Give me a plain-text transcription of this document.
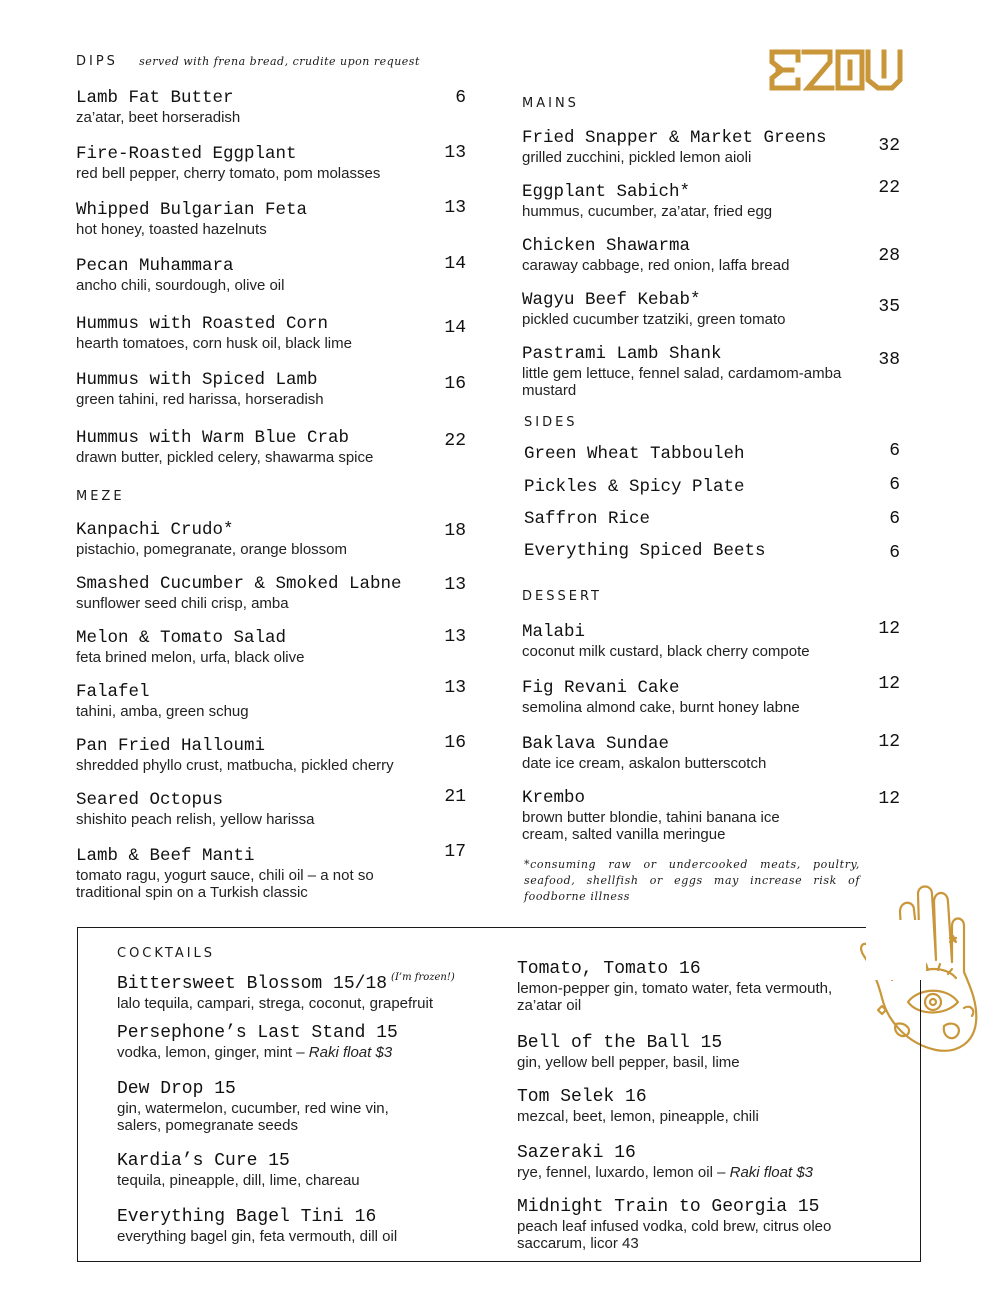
DIPS served with frena bread, crudite upon request
Lamb Fat Butter
za’atar, beet horseradish
6
Fire-Roasted Eggplant
red bell pepper, cherry tomato, pom molasses
13
Whipped Bulgarian Feta
hot honey, toasted hazelnuts
13
Pecan Muhammara
ancho chili, sourdough, olive oil
14
Hummus with Roasted Corn
hearth tomatoes, corn husk oil, black lime
14
Hummus with Spiced Lamb
green tahini, red harissa, horseradish
16
Hummus with Warm Blue Crab
drawn butter, pickled celery, shawarma spice
22
MEZE
Kanpachi Crudo*
pistachio, pomegranate, orange blossom
18
Smashed Cucumber & Smoked Labne
sunflower seed chili crisp, amba
13
Melon & Tomato Salad
feta brined melon, urfa, black olive
13
Falafel
tahini, amba, green schug
13
Pan Fried Halloumi
shredded phyllo crust, matbucha, pickled cherry
16
Seared Octopus
shishito peach relish, yellow harissa
21
Lamb & Beef Manti
tomato ragu, yogurt sauce, chili oil – a not so traditional spin on a Turkish classic
17
MAINS
Fried Snapper & Market Greens
grilled zucchini, pickled lemon aioli
32
Eggplant Sabich*
hummus, cucumber, za’atar, fried egg
22
Chicken Shawarma
caraway cabbage, red onion, laffa bread	28
Wagyu Beef Kebab*
pickled cucumber tzatziki, green tomato
35
Pastrami Lamb Shank
little gem lettuce, fennel salad, cardamom-amba mustard
38
SIDES
Green Wheat Tabbouleh	6
Pickles & Spicy Plate	6
Saffron Rice	6
Everything Spiced Beets	6
DESSERT
Malabi
coconut milk custard, black cherry compote
12
Fig Revani Cake
semolina almond cake, burnt honey labne
12
Baklava Sundae
date ice cream, askalon butterscotch
12
Krembo
brown butter blondie, tahini banana ice cream, salted vanilla meringue
12
*consuming raw or undercooked meats, poultry, seafood, shellfish or eggs may increase risk of foodborne illness
COCKTAILS
Bittersweet Blossom 15/18 $^{(I’m frozen!)}$
lalo tequila, campari, strega, coconut, grapefruit
Persephone’s Last Stand 15
vodka, lemon, ginger, mint – Raki float $3
Dew Drop 15
gin, watermelon, cucumber, red wine vin, salers, pomegranate seeds
Kardia’s Cure 15
tequila, pineapple, dill, lime, chareau
Everything Bagel Tini 16
everything bagel gin, feta vermouth, dill oil
Tomato, Tomato 16
lemon-pepper gin, tomato water, feta vermouth, za’atar oil
Bell of the Ball 15
gin, yellow bell pepper, basil, lime
Tom Selek 16
mezcal, beet, lemon, pineapple, chili
Sazeraki 16
rye, fennel, luxardo, lemon oil – Raki float $3
Midnight Train to Georgia 15
peach leaf infused vodka, cold brew, citrus oleo saccarum, licor 43
